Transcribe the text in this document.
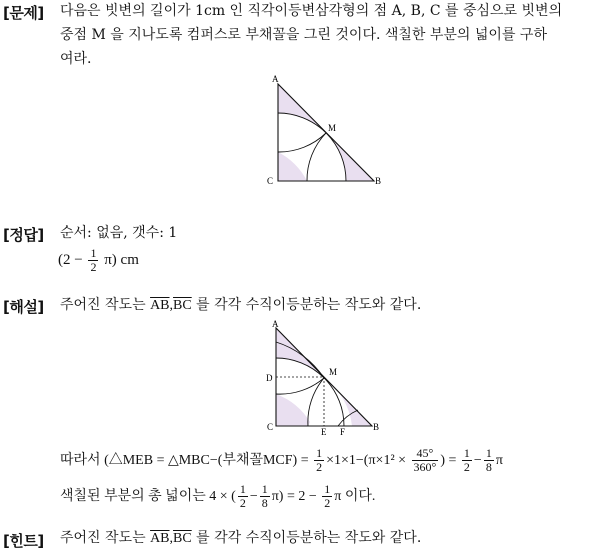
[문제] 다음은 빗변의 길이가 1cm 인 직각이등변삼각형의 점 A, B, C 를 중심으로 빗변의
중점 M 을 지나도록 컴퍼스로 부채꼴을 그린 것이다. 색칠한 부분의 넓이를 구하
여라.
A
M
C	B
[정답] 순서: 없음, 갯수: 1
$(2 - \frac{1}{2} \pi)$ cm
[해설] 주어진 작도는 $\overline{AB},\overline{BC}$ 를 각각 수직이등분하는 작도와 같다.
A
M
D
C	E F	B
따라서 (△MEB = △MBC−(부채꼴$MCF) = \frac{1}{2} \times 1\times 1-(\pi\times 1^2 \times \frac{45^\circ}{360^\circ}$ ) = $\frac{1}{2} - \frac{1}{8}$ π
색칠된 부분의 총 넓이는 4 × ( $\frac{1}{2} - \frac{1}{8} \pi) = 2 - \frac{1}{2}$ π 이다.
[힌트] 주어진 작도는 $\overline{AB},\overline{BC}$ 를 각각 수직이등분하는 작도와 같다.
